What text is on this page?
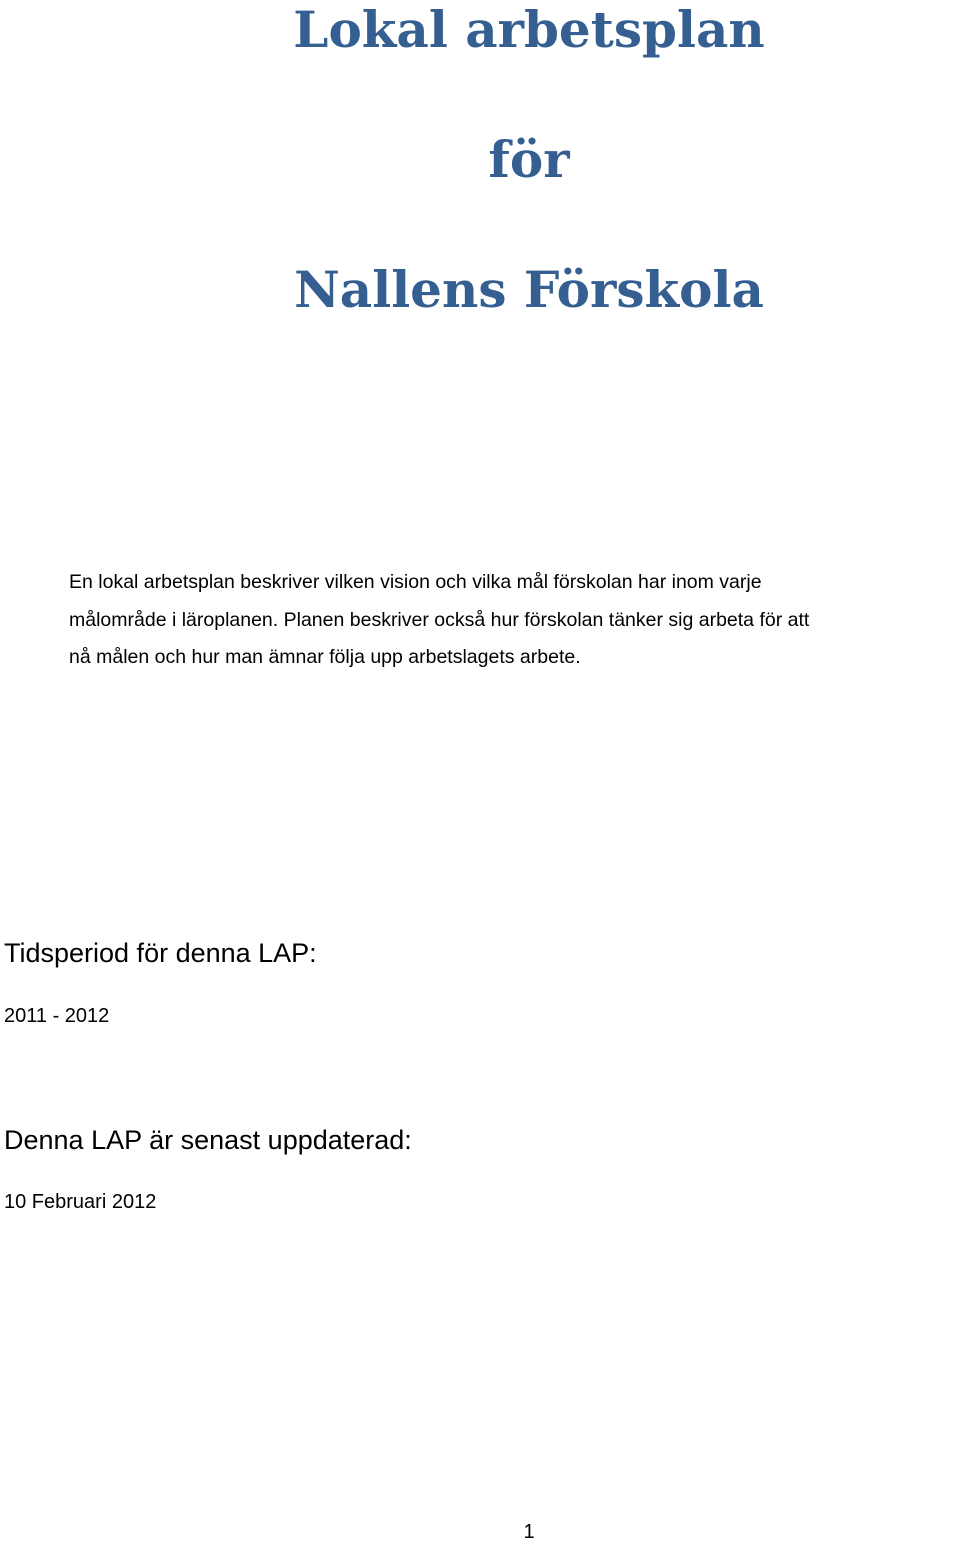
Lokal arbetsplan
för
Nallens Förskola

En lokal arbetsplan beskriver vilken vision och vilka mål förskolan har inom varje
målområde i läroplanen. Planen beskriver också hur förskolan tänker sig arbeta för att
nå målen och hur man ämnar följa upp arbetslagets arbete.

Tidsperiod för denna LAP:
2011 - 2012
Denna LAP är senast uppdaterad:
10 Februari 2012
1
